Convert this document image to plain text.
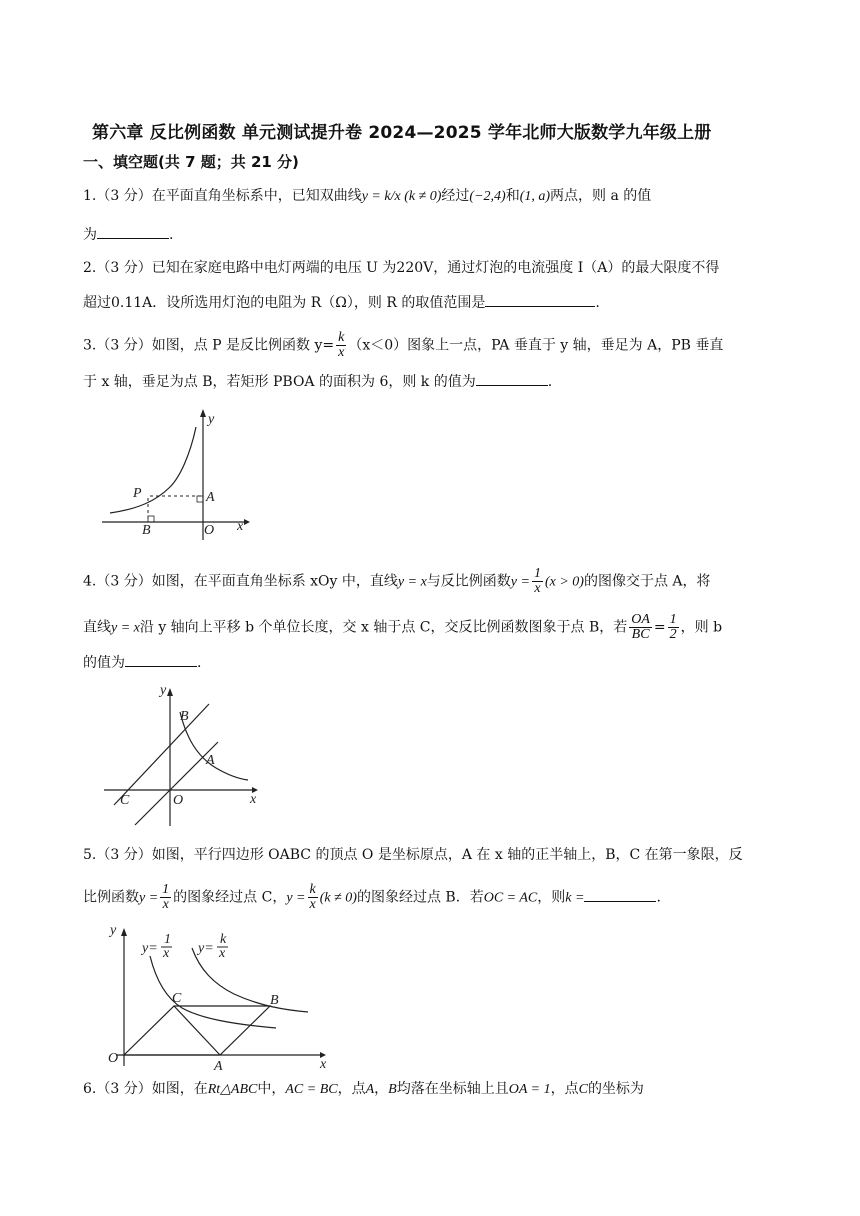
第六章 反比例函数 单元测试提升卷 2024—2025 学年北师大版数学九年级上册
一、填空题(共 7 题；共 21 分)
1.（3 分）在平面直角坐标系中，已知双曲线y = k/x (k ≠ 0)经过(−2,4)和(1, a)两点，则 a 的值
为	.
2.（3 分）已知在家庭电路中电灯两端的电压 U 为220V，通过灯泡的电流强度 I（A）的最大限度不得
超过0.11A．设所选用灯泡的电阻为 R（Ω），则 R 的取值范围是	.
3.（3 分）如图，点 P 是反比例函数 $y= \frac{k}{x} (x<0)$图象上一点，PA 垂直于 y 轴，垂足为 A，PB 垂直
于 x 轴，垂足为点 B，若矩形 PBOA 的面积为 6，则 k 的值为	.
y
x
P	A
B	O
4.（3 分）如图，在平面直角坐标系 xOy 中，直线y = x与反比例函数$y = \frac{1}{x} (x > 0)$的图像交于点 A，将
直线y = x沿 y 轴向上平移 b 个单位长度，交 x 轴于点 C，交反比例函数图象于点 B，若 $\frac{OA}{BC} = \frac{1}{2}$ ，则 b
的值为	.
y
x
B
A
C	O
5.（3 分）如图，平行四边形 OABC 的顶点 O 是坐标原点，A 在 x 轴的正半轴上，B，C 在第一象限，反
比例函数$y = \frac{1}{x}$ 的图象经过点 C，$y = \frac{k}{x} (k \ne 0)$的图象经过点 B．若OC = AC，则k =	.
y
x
O
A
B
C
y=
1
x y=
k
x
6.（3 分）如图，在Rt△ABC中，AC = BC，点A，B均落在坐标轴上且OA = 1，点C的坐标为
